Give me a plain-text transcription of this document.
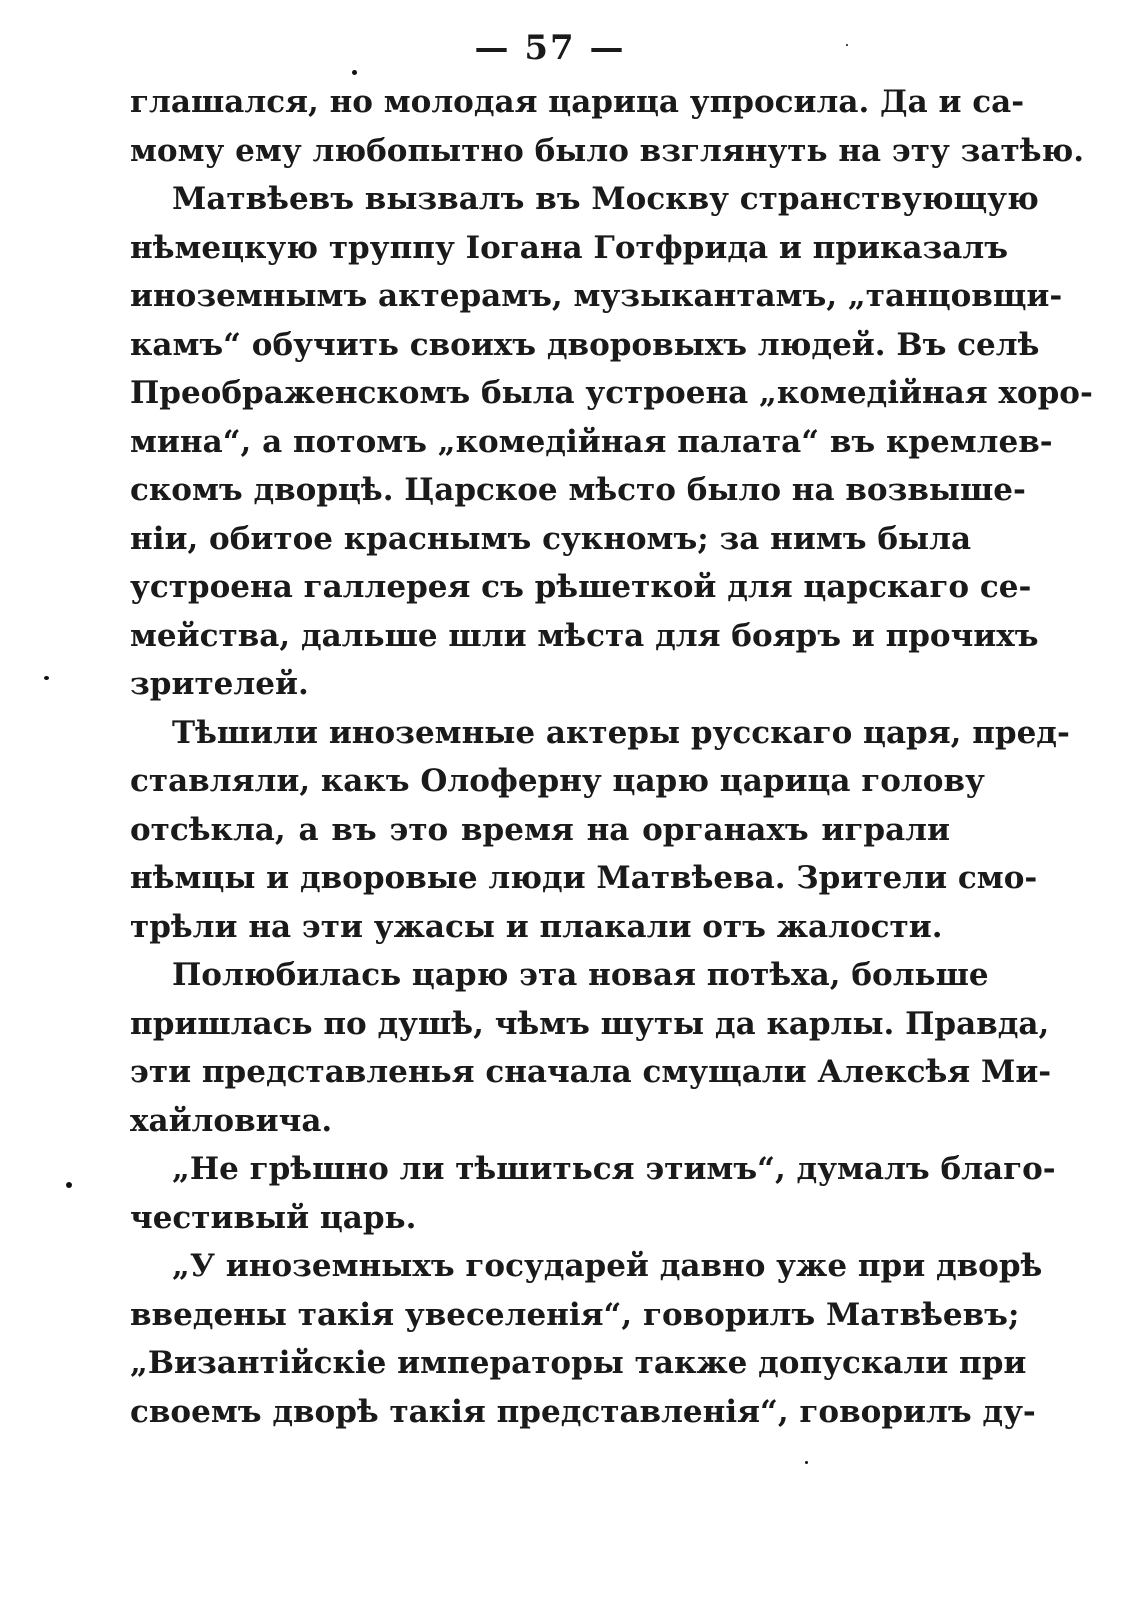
— 57 —
глашался, но молодая царица упросила. Да и са-
мому ему любопытно было взглянуть на эту затѣю.
Матвѣевъ вызвалъ въ Москву странствующую
нѣмецкую труппу Іогана Готфрида и приказалъ
иноземнымъ актерамъ, музыкантамъ, „танцовщи-
камъ“ обучить своихъ дворовыхъ людей. Въ селѣ
Преображенскомъ была устроена „комедійная хоро-
мина“, а потомъ „комедійная палата“ въ кремлев-
скомъ дворцѣ. Царское мѣсто было на возвыше-
ніи, обитое краснымъ сукномъ; за нимъ была
устроена галлерея съ рѣшеткой для царскаго се-
мейства, дальше шли мѣста для бояръ и прочихъ
зрителей.
Тѣшили иноземные актеры русскаго царя, пред-
ставляли, какъ Олоферну царю царица голову
отсѣкла, а въ это время на органахъ играли
нѣмцы и дворовые люди Матвѣева. Зрители смо-
трѣли на эти ужасы и плакали отъ жалости.
Полюбилась царю эта новая потѣха, больше
пришлась по душѣ, чѣмъ шуты да карлы. Правда,
эти представленья сначала смущали Алексѣя Ми-
хайловича.
„Не грѣшно ли тѣшиться этимъ“, думалъ благо-
честивый царь.
„У иноземныхъ государей давно уже при дворѣ
введены такія увеселенія“, говорилъ Матвѣевъ;
„Византійскіе императоры также допускали при
своемъ дворѣ такія представленія“, говорилъ ду-
